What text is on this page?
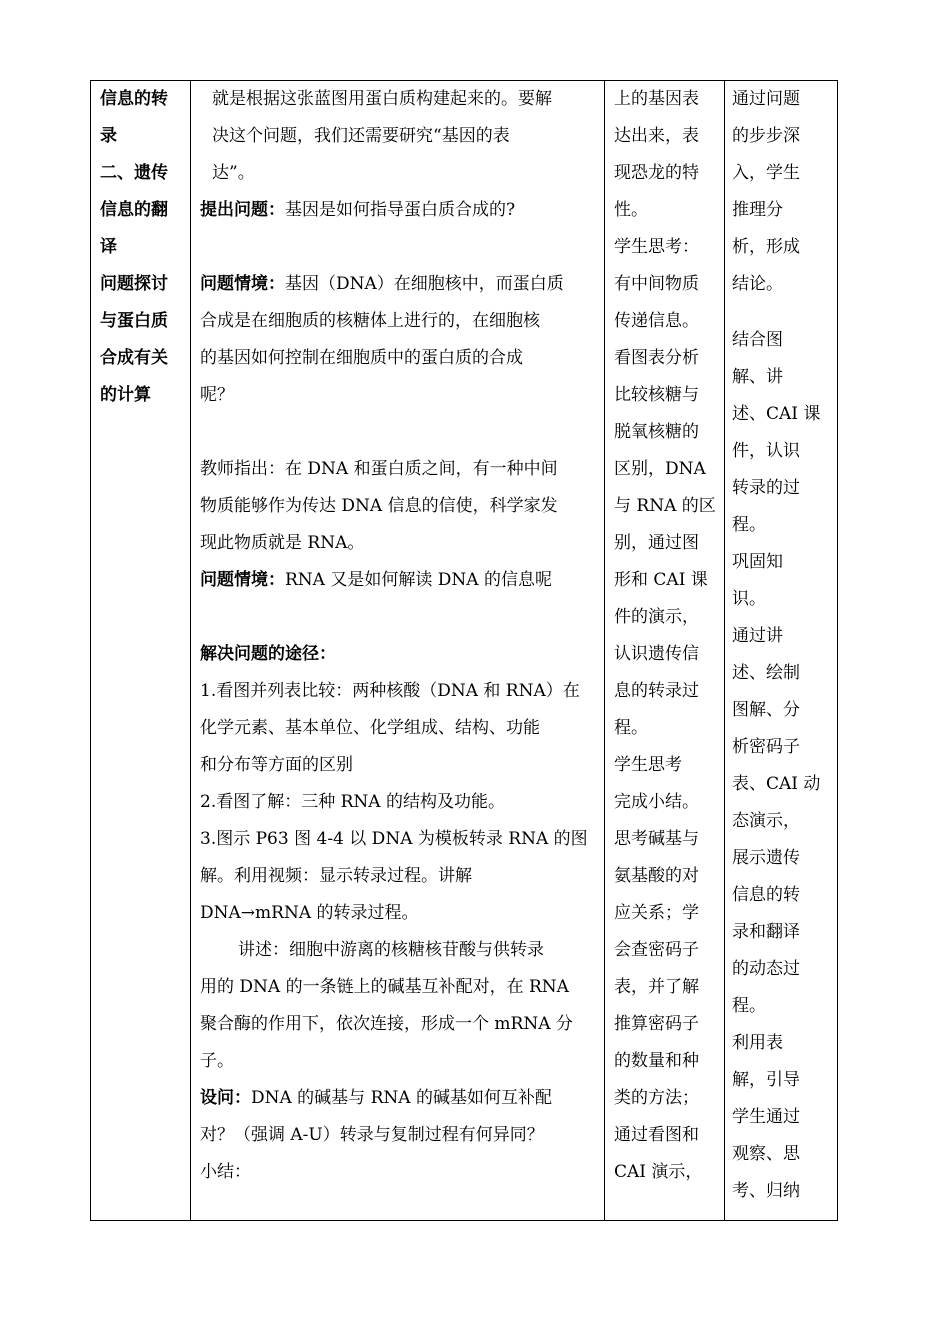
信息的转
录
二、遗传
信息的翻
译
问题探讨
与蛋白质
合成有关
的计算

就是根据这张蓝图用蛋白质构建起来的。要解
决这个问题，我们还需要研究“基因的表
达”。
提出问题：基因是如何指导蛋白质合成的?
问题情境：基因（DNA）在细胞核中，而蛋白质
合成是在细胞质的核糖体上进行的，在细胞核
的基因如何控制在细胞质中的蛋白质的合成
呢？
教师指出：在 DNA 和蛋白质之间，有一种中间
物质能够作为传达 DNA 信息的信使，科学家发
现此物质就是 RNA。
问题情境：RNA 又是如何解读 DNA 的信息呢
解决问题的途径：
1.看图并列表比较：两种核酸（DNA 和 RNA）在
化学元素、基本单位、化学组成、结构、功能
和分布等方面的区别
2.看图了解：三种 RNA 的结构及功能。
3.图示 P63 图 4-4 以 DNA 为模板转录 RNA 的图
解。利用视频：显示转录过程。讲解
DNA→mRNA 的转录过程。
讲述：细胞中游离的核糖核苷酸与供转录
用的 DNA 的一条链上的碱基互补配对，在 RNA
聚合酶的作用下，依次连接，形成一个 mRNA 分
子。
设问：DNA 的碱基与 RNA 的碱基如何互补配
对？（强调 A-U）转录与复制过程有何异同？
小结：

上的基因表
达出来，表
现恐龙的特
性。
学生思考：
有中间物质
传递信息。
看图表分析
比较核糖与
脱氧核糖的
区别，DNA
与 RNA 的区
别，通过图
形和 CAI 课
件的演示，
认识遗传信
息的转录过
程。
学生思考
完成小结。
思考碱基与
氨基酸的对
应关系；学
会查密码子
表，并了解
推算密码子
的数量和种
类的方法；
通过看图和
CAI 演示，

通过问题
的步步深
入，学生
推理分
析，形成
结论。
结合图
解、讲
述、CAI 课
件，认识
转录的过
程。
巩固知
识。
通过讲
述、绘制
图解、分
析密码子
表、CAI 动
态演示，
展示遗传
信息的转
录和翻译
的动态过
程。
利用表
解，引导
学生通过
观察、思
考、归纳
